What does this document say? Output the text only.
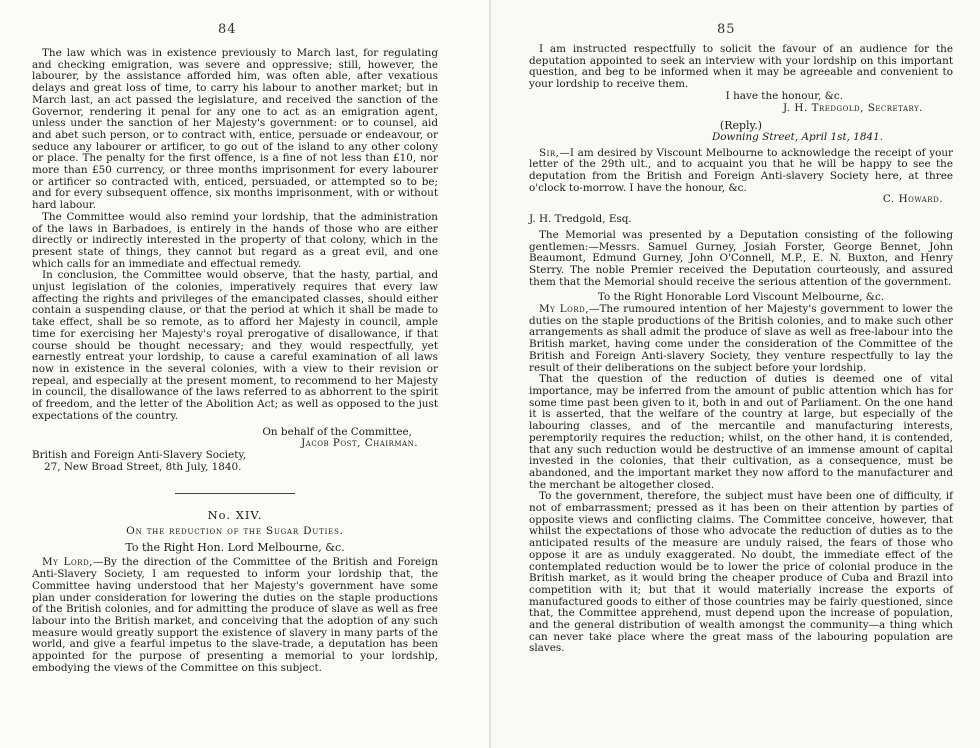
84

The law which was in existence previously to March last, for regulating and checking emigration, was severe and oppressive; still, however, the labourer, by the assistance afforded him, was often able, after vexatious delays and great loss of time, to carry his labour to another market; but in March last, an act passed the legislature, and received the sanction of the Governor, rendering it penal for any one to act as an emigration agent, unless under the sanction of her Majesty's government: or to counsel, aid and abet such person, or to contract with, entice, persuade or endeavour, or seduce any labourer or artificer, to go out of the island to any other colony or place. The penalty for the first offence, is a fine of not less than £10, nor more than £50 currency, or three months imprisonment for every labourer or artificer so contracted with, enticed, persuaded, or attempted so to be; and for every subsequent offence, six months imprisonment, with or without hard labour.

The Committee would also remind your lordship, that the administration of the laws in Barbadoes, is entirely in the hands of those who are either directly or indirectly interested in the property of that colony, which in the present state of things, they cannot but regard as a great evil, and one which calls for an immediate and effectual remedy.

In conclusion, the Committee would observe, that the hasty, partial, and unjust legislation of the colonies, imperatively requires that every law affecting the rights and privileges of the emancipated classes, should either contain a suspending clause, or that the period at which it shall be made to take effect, shall be so remote, as to afford her Majesty in council, ample time for exercising her Majesty's royal prerogative of disallowance, if that course should be thought necessary; and they would respectfully, yet earnestly entreat your lordship, to cause a careful examination of all laws now in existence in the several colonies, with a view to their revision or repeal, and especially at the present moment, to recommend to her Majesty in council, the disallowance of the laws referred to as abhorrent to the spirit of freedom, and the letter of the Abolition Act; as well as opposed to the just expectations of the country.

On behalf of the Committee,
Jacob Post, Chairman.
British and Foreign Anti-Slavery Society,
27, New Broad Street, 8th July, 1840.
No. XIV.
On the reduction of the Sugar Duties.
To the Right Hon. Lord Melbourne, &c.

My Lord,—By the direction of the Committee of the British and Foreign Anti-Slavery Society, I am requested to inform your lordship that, the Committee having understood that her Majesty's government have some plan under consideration for lowering the duties on the staple productions of the British colonies, and for admitting the produce of slave as well as free labour into the British market, and conceiving that the adoption of any such measure would greatly support the existence of slavery in many parts of the world, and give a fearful impetus to the slave-trade, a deputation has been appointed for the purpose of presenting a memorial to your lordship, embodying the views of the Committee on this subject.

85

I am instructed respectfully to solicit the favour of an audience for the deputation appointed to seek an interview with your lordship on this important question, and beg to be informed when it may be agreeable and convenient to your lordship to receive them.

I have the honour, &c.
J. H. Tredgold, Secretary.
(Reply.)
Downing Street, April 1st, 1841.

Sir,—I am desired by Viscount Melbourne to acknowledge the receipt of your letter of the 29th ult., and to acquaint you that he will be happy to see the deputation from the British and Foreign Anti-slavery Society here, at three o'clock to-morrow. I have the honour, &c.

C. Howard.
J. H. Tredgold, Esq.

The Memorial was presented by a Deputation consisting of the following gentlemen:—Messrs. Samuel Gurney, Josiah Forster, George Bennet, John Beaumont, Edmund Gurney, John O'Connell, M.P., E. N. Buxton, and Henry Sterry. The noble Premier received the Deputation courteously, and assured them that the Memorial should receive the serious attention of the government.

To the Right Honorable Lord Viscount Melbourne, &c.

My Lord,—The rumoured intention of her Majesty's government to lower the duties on the staple productions of the British colonies, and to make such other arrangements as shall admit the produce of slave as well as free-labour into the British market, having come under the consideration of the Committee of the British and Foreign Anti-slavery Society, they venture respectfully to lay the result of their deliberations on the subject before your lordship.

That the question of the reduction of duties is deemed one of vital importance, may be inferred from the amount of public attention which has for some time past been given to it, both in and out of Parliament. On the one hand it is asserted, that the welfare of the country at large, but especially of the labouring classes, and of the mercantile and manufacturing interests, peremptorily requires the reduction; whilst, on the other hand, it is contended, that any such reduction would be destructive of an immense amount of capital invested in the colonies, that their cultivation, as a consequence, must be abandoned, and the important market they now afford to the manufacturer and the merchant be altogether closed.

To the government, therefore, the subject must have been one of difficulty, if not of embarrassment; pressed as it has been on their attention by parties of opposite views and conflicting claims. The Committee conceive, however, that whilst the expectations of those who advocate the reduction of duties as to the anticipated results of the measure are unduly raised, the fears of those who oppose it are as unduly exaggerated. No doubt, the immediate effect of the contemplated reduction would be to lower the price of colonial produce in the British market, as it would bring the cheaper produce of Cuba and Brazil into competition with it; but that it would materially increase the exports of manufactured goods to either of those countries may be fairly questioned, since that, the Committee apprehend, must depend upon the increase of population, and the general distribution of wealth amongst the community—a thing which can never take place where the great mass of the labouring population are slaves.
